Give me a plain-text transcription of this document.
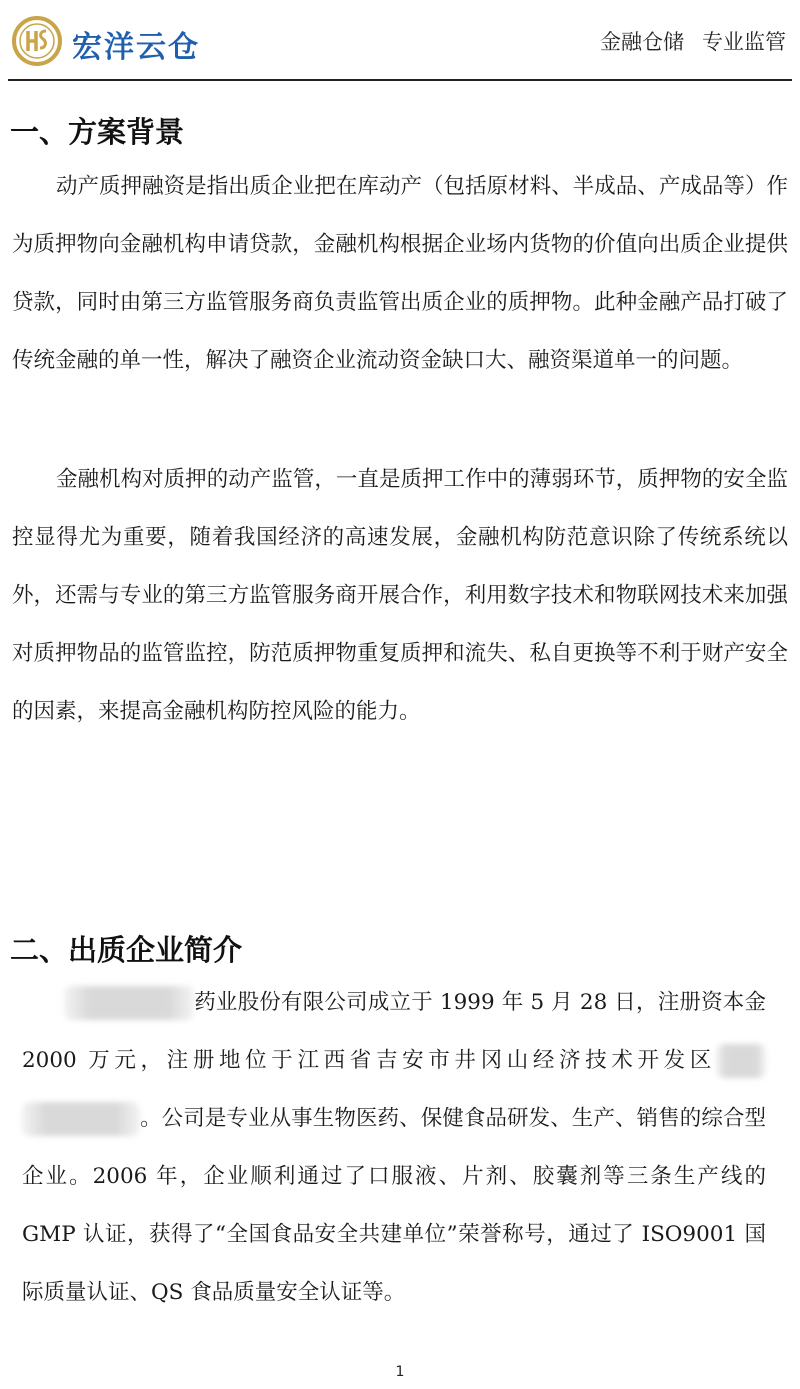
宏洋云仓	金融仓储 专业监管
一、方案背景
动产质押融资是指出质企业把在库动产（包括原材料、半成品、产成品等）作为质押物向金融机构申请贷款，金融机构根据企业场内货物的价值向出质企业提供贷款，同时由第三方监管服务商负责监管出质企业的质押物。此种金融产品打破了传统金融的单一性，解决了融资企业流动资金缺口大、融资渠道单一的问题。
金融机构对质押的动产监管，一直是质押工作中的薄弱环节，质押物的安全监控显得尤为重要，随着我国经济的高速发展，金融机构防范意识除了传统系统以外，还需与专业的第三方监管服务商开展合作，利用数字技术和物联网技术来加强对质押物品的监管监控，防范质押物重复质押和流失、私自更换等不利于财产安全的因素，来提高金融机构防控风险的能力。
二、出质企业简介
药业股份有限公司成立于 1999 年 5 月 28 日，注册资本金 2000 万元，注册地位于江西省吉安市井冈山经济技术开发区 。公司是专业从事生物医药、保健食品研发、生产、销售的综合型企业。2006 年，企业顺利通过了口服液、片剂、胶囊剂等三条生产线的 GMP 认证，获得了“全国食品安全共建单位”荣誉称号，通过了 ISO9001 国际质量认证、QS 食品质量安全认证等。
1
